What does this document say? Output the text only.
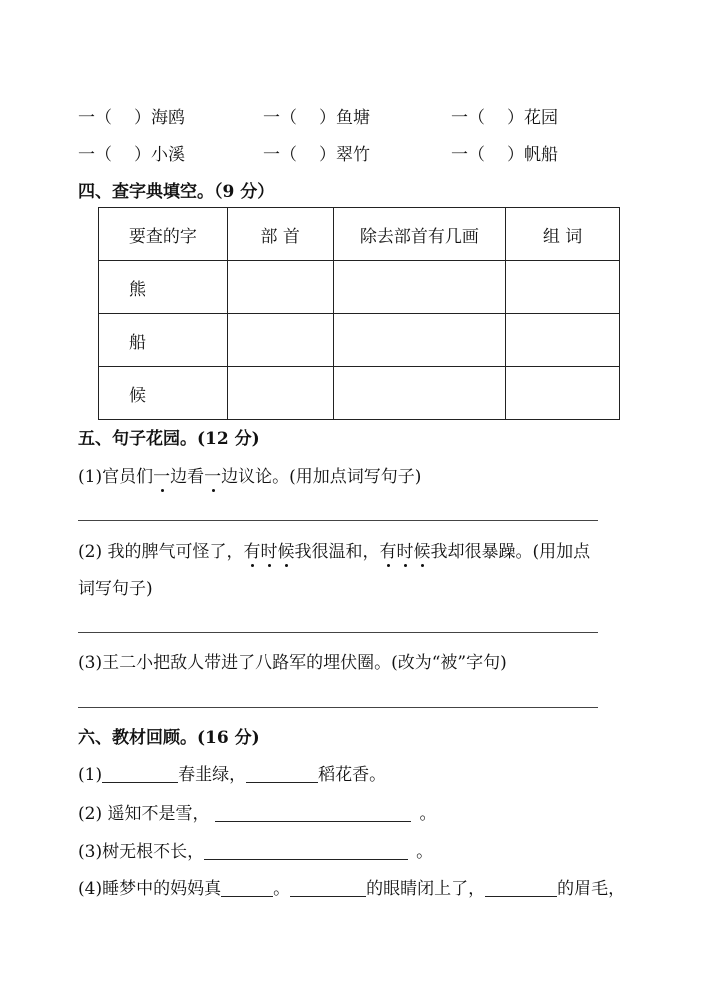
一（ ）海鸥	一（ ）鱼塘	一（ ）花园
一（ ）小溪	一（ ）翠竹	一（ ）帆船
四、查字典填空。（9 分）
要查的字	部 首	除去部首有几画	组 词
熊			
船			
候			
五、句子花园。(12 分)
(1)官员们一边看一边议论。(用加点词写句子)
(2) 我的脾气可怪了，有时候我很温和，有时候我却很暴躁。(用加点
词写句子)
(3)王二小把敌人带进了八路军的埋伏圈。(改为“被”字句)
六、教材回顾。(16 分)
(1)	春韭绿，	稻花香。
(2) 遥知不是雪，	。
(3)树无根不长，	。
(4)睡梦中的妈妈真	。	的眼睛闭上了，	的眉毛，
